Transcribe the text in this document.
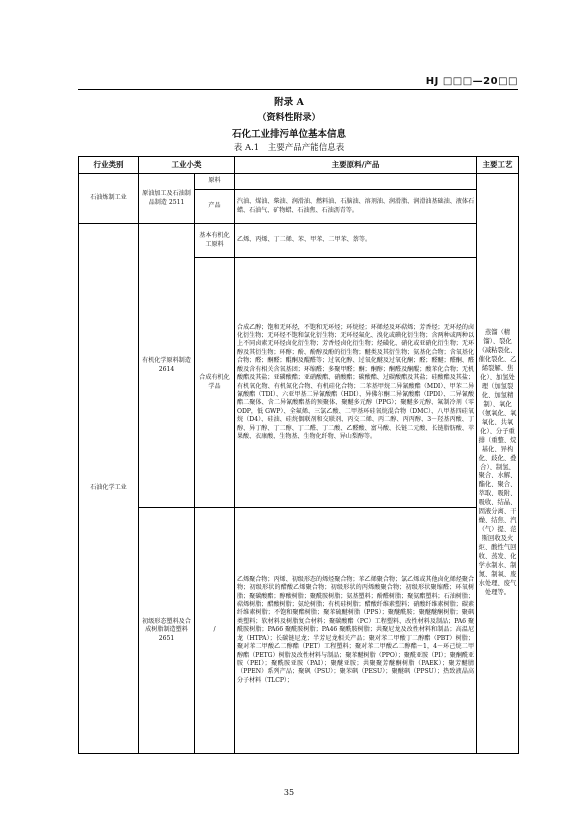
HJ □□□—20□□
附录 A
（资料性附录）
石化工业排污单位基本信息
表 A.1　主要产品产能信息表
行业类别	工业小类		主要原料/产品	主要工艺
石油炼制工业	原油加工及石油制品制造 2511	原料		蒸馏（精馏）、裂化（减粘裂化、催化裂化、乙烯裂解、焦化）、加氢处理（加氢裂化、加氢精制）、氧化（氨氧化、氧氧化、共氧化）、分子重排（重整、烷基化、异构化、歧化、叠合）、制氢、聚合、水解、酯化、聚合、萃取、吸附、吸收、结晶、固液分离、干燥、结焦、汽（气）提、范斯回收及火炬、酸性气回收、蒸发、化学水制水、制氮、制氧、废水处理、废气处理等。
		产品	汽油、煤油、柴油、润滑油、燃料油、石脑油、溶剂油、润滑脂、润滑油基础油、液体石蜡、石油气、矿物蜡、石油焦、石油沥青等。	
石油化学工业	有机化学原料制造 2614	基本有机化工原料	乙烯、丙烯、丁二烯、苯、甲苯、二甲苯、萘等。	
		合成有机化学品	合成乙醇；饱和无环烃，不饱和无环烃；环烷烃；环烯烃及环萜烯；芳香烃；无环烃的卤化衍生物；无环烃不饱和氯化衍生物；无环烃氟化、溴化或碘化衍生物；含两种或两种以上不同卤素无环烃卤化衍生物；芳香烃卤化衍生物；烃磺化、硝化或亚硝化衍生物；无环醇及其衍生物；环醇；酚、酚醇及酚的衍生物；醚类及其衍生物；氨基化合物；含氧基化合物；醛；酮醛；醌酮及醌醛等；过氧化醇、过氧化醚及过氧化酮；醛；醛醚；醛酮、醛酸及含有相关含氧基团；环缩醛；多聚甲醛；酮；酮醇；酮醛及酮醌；酸苯化合物；无机酸酯及其盐；亚磷酸酯；亚硝酸酯、硝酸酯；碳酸酯、过碳酸酯及其盐；硅酸酯及其盐；有机氧化物、有机氮化合物、有机硅化合物；二苯基甲烷二异氰酸酯（MDI）、甲苯二异氰酸酯（TDI）、六亚甲基二异氰酸酯（HDI）、异佛尔酮二异氰酸酯（IPDI）、二异氰酸酯二聚体、含二异氰酸酯基的预聚体、聚醚多元醇（PPG）；聚醚多元醇、氟制冷剂（零 ODP，低 GWP）、全氟烯、三氯乙酸、二甲基环硅氧烷混合物（DMC）、八甲基四硅氧烷（D4）、硅油、硅烷偶联剂和交联剂、丙交二烯、丙二醇、丙丙醇、3－羟基丙酸、丁醇、异丁醇、丁二醇、丁二醛、丁二酸、乙醛酸、富马酸、长链二元酸、长链脂肪酸、苹果酸、衣康酸、生物基、生物化纤物、异山梨醇等。	
	初级形态塑料及合成树脂制造塑料 2651	/	乙烯聚合物；丙烯、初级形态的烯烃聚合物；苯乙烯聚合物；氯乙烯或其他卤化烯烃聚合物；初级形状的醋酸乙烯聚合物；初级形状的丙烯酸聚合物；初级形状聚缩醛；环氧树脂；聚碳酸酯；醇酸树脂；聚酰胺树脂；氨基塑料；酚醛树脂；聚氨酯塑料；石油树脂；萜烯树脂；醋酸树脂；氨纶树脂；有机硅树脂；醋酸纤维素塑料；硝酸纤维素树脂；碳素纤维素树脂；不饱和聚酯树脂；聚苯硫醚树脂（PPS）；聚醚酰胺；聚醚醚酮树脂；聚砜类塑料；软材料及树脂复合材料；聚碳酸酯（PC）工程塑料、改性材料及制品；PA6 聚酰胺树脂；PA66 聚酰胺树脂；PA46 聚酰胺树脂；共聚尼龙及改性材料和制品；高温尼龙（HTPA）；长碳链尼龙；半芳尼龙相关产品；聚对苯二甲酸丁二醇酯（PBT）树脂；聚对苯二甲酸乙二醇酯（PET）工程塑料；聚对苯二甲酸乙二醇酯－1，4－环己烷二甲醇酯（PETG）树脂及改性材料与制品；聚苯醚树脂（PPO）；聚酰亚胺（PI）；聚酮酰亚胺（PEI）；聚酰胺亚胺（PAI）；聚醚亚胺；共聚聚芳醚酮树脂（PAEK）；聚芳醚腈（PPEN）系列产品；聚砜（PSU）；聚苯砜（PESU）；聚醚砜（PPSU）；热致液晶高分子材料（TLCP）；	

35
